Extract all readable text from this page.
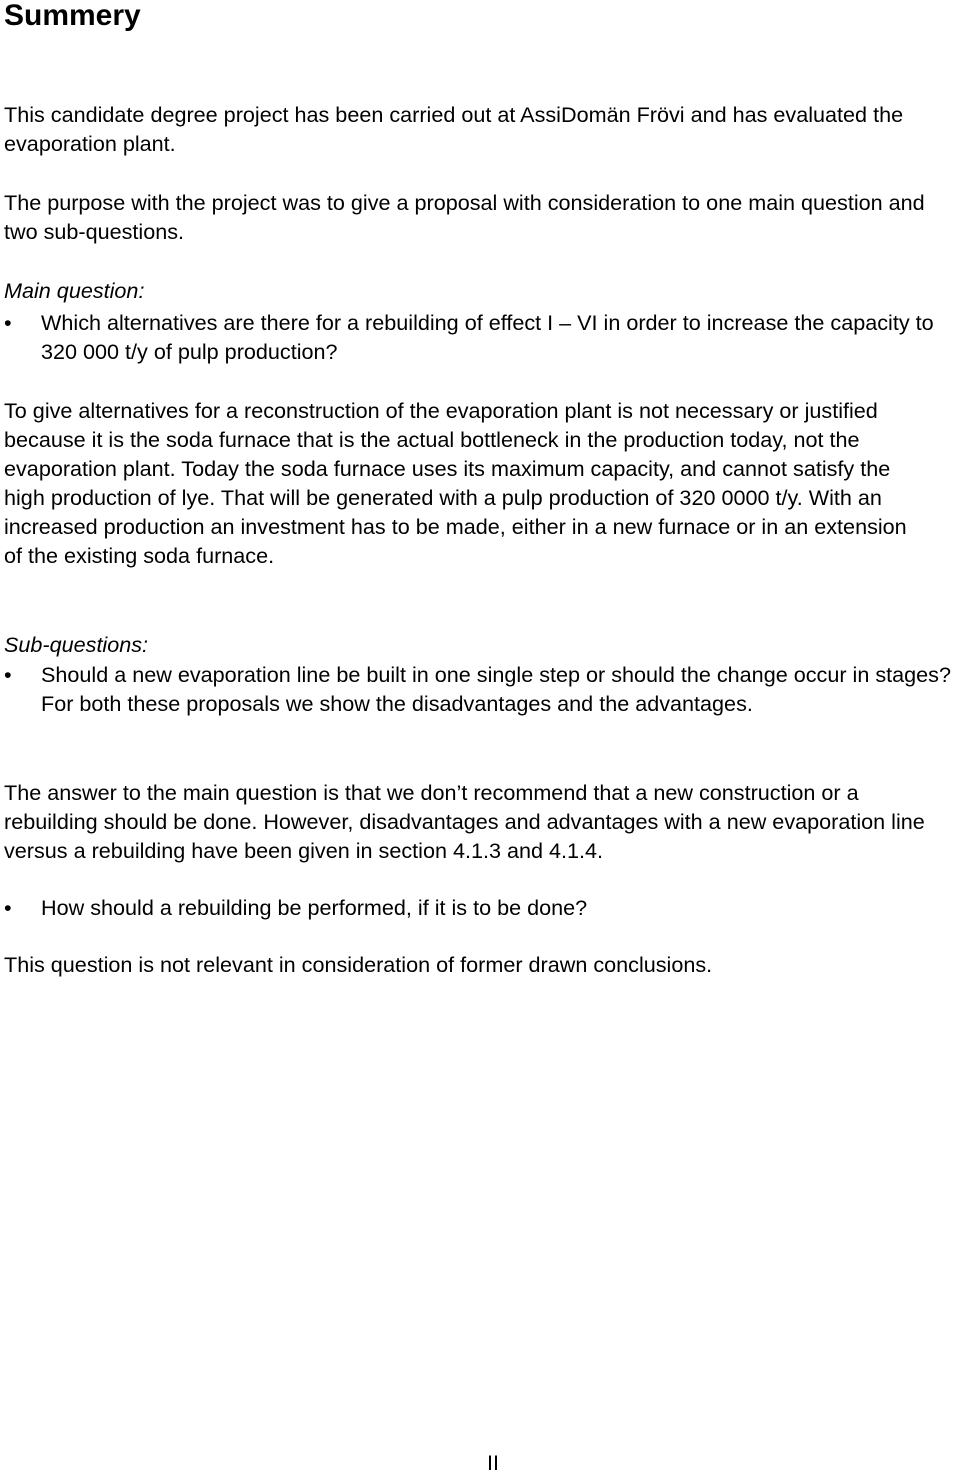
Summery

This candidate degree project has been carried out at AssiDomän Frövi and has evaluated the evaporation plant.

The purpose with the project was to give a proposal with consideration to one main question and two sub-questions.

Main question:

• Which alternatives are there for a rebuilding of effect I – VI in order to increase the capacity to 320 000 t/y of pulp production?

To give alternatives for a reconstruction of the evaporation plant is not necessary or justified because it is the soda furnace that is the actual bottleneck in the production today, not the evaporation plant. Today the soda furnace uses its maximum capacity, and cannot satisfy the high production of lye. That will be generated with a pulp production of 320 0000 t/y. With an increased production an investment has to be made, either in a new furnace or in an extension of the existing soda furnace.

Sub-questions:

• Should a new evaporation line be built in one single step or should the change occur in stages?
For both these proposals we show the disadvantages and the advantages.

The answer to the main question is that we don’t recommend that a new construction or a rebuilding should be done. However, disadvantages and advantages with a new evaporation line versus a rebuilding have been given in section 4.1.3 and 4.1.4.

• How should a rebuilding be performed, if it is to be done?

This question is not relevant in consideration of former drawn conclusions.

II
